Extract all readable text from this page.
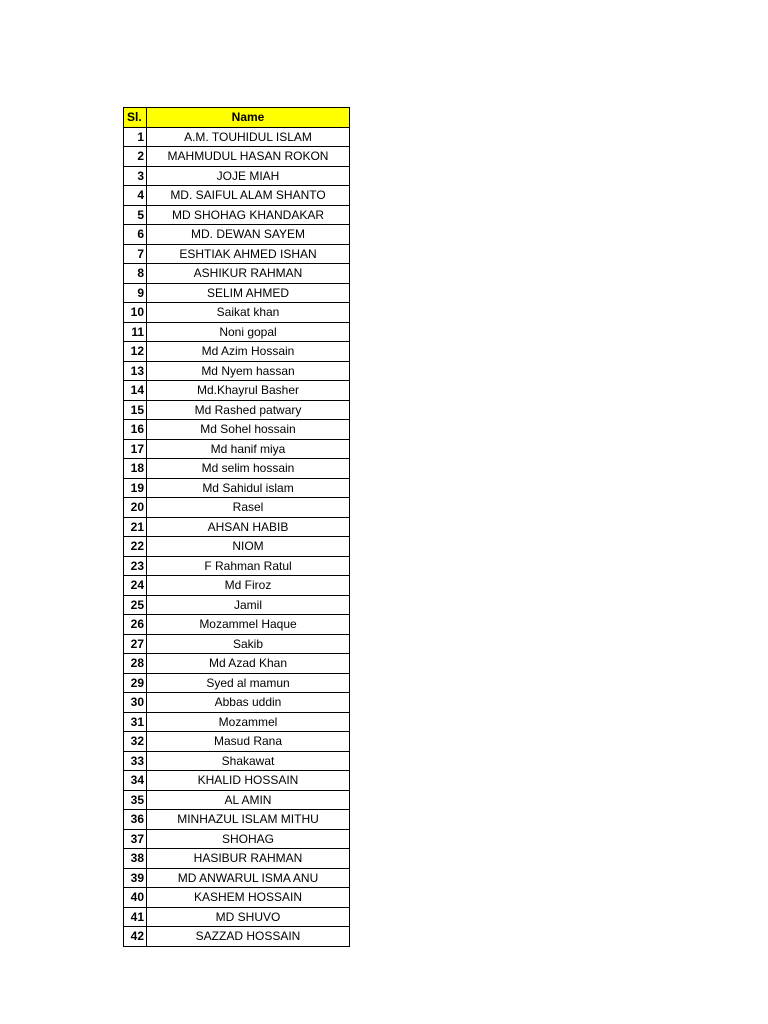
Sl.	Name
1	A.M. TOUHIDUL ISLAM
2	MAHMUDUL HASAN ROKON
3	JOJE MIAH
4	MD. SAIFUL ALAM SHANTO
5	MD SHOHAG KHANDAKAR
6	MD. DEWAN SAYEM
7	ESHTIAK AHMED ISHAN
8	ASHIKUR RAHMAN
9	SELIM AHMED
10	Saikat khan
11	Noni gopal
12	Md Azim Hossain
13	Md Nyem hassan
14	Md.Khayrul Basher
15	Md Rashed patwary
16	Md Sohel hossain
17	Md hanif miya
18	Md selim hossain
19	Md Sahidul islam
20	Rasel
21	AHSAN HABIB
22	NIOM
23	F Rahman Ratul
24	Md Firoz
25	Jamil
26	Mozammel Haque
27	Sakib
28	Md Azad Khan
29	Syed al mamun
30	Abbas uddin
31	Mozammel
32	Masud Rana
33	Shakawat
34	KHALID HOSSAIN
35	AL AMIN
36	MINHAZUL ISLAM MITHU
37	SHOHAG
38	HASIBUR RAHMAN
39	MD ANWARUL ISMA ANU
40	KASHEM HOSSAIN
41	MD SHUVO
42	SAZZAD HOSSAIN
